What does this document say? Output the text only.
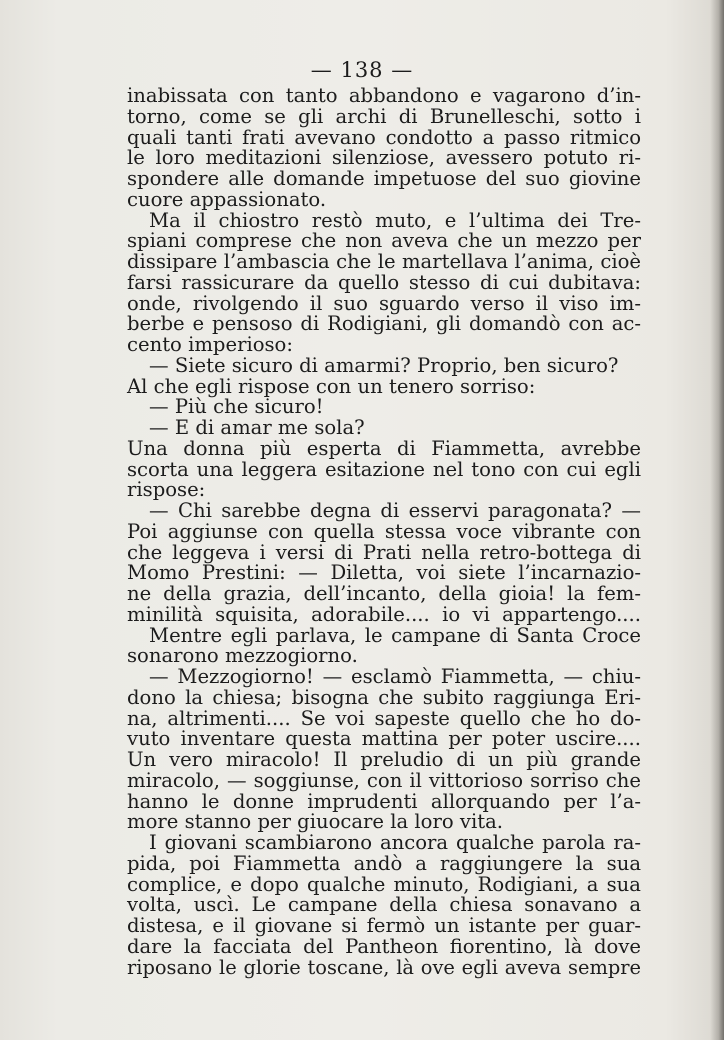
— 138 —
inabissata con tanto abbandono e vagarono d’in-
torno, come se gli archi di Brunelleschi, sotto i
quali tanti frati avevano condotto a passo ritmico
le loro meditazioni silenziose, avessero potuto ri-
spondere alle domande impetuose del suo giovine
cuore appassionato.
Ma il chiostro restò muto, e l’ultima dei Tre-
spiani comprese che non aveva che un mezzo per
dissipare l’ambascia che le martellava l’anima, cioè
farsi rassicurare da quello stesso di cui dubitava:
onde, rivolgendo il suo sguardo verso il viso im-
berbe e pensoso di Rodigiani, gli domandò con ac-
cento imperioso:
— Siete sicuro di amarmi? Proprio, ben sicuro?
Al che egli rispose con un tenero sorriso:
— Più che sicuro!
— E di amar me sola?
Una donna più esperta di Fiammetta, avrebbe
scorta una leggera esitazione nel tono con cui egli
rispose:
— Chi sarebbe degna di esservi paragonata? —
Poi aggiunse con quella stessa voce vibrante con
che leggeva i versi di Prati nella retro-bottega di
Momo Prestini: — Diletta, voi siete l’incarnazio-
ne della grazia, dell’incanto, della gioia! la fem-
minilità squisita, adorabile.... io vi appartengo....
Mentre egli parlava, le campane di Santa Croce
sonarono mezzogiorno.
— Mezzogiorno! — esclamò Fiammetta, — chiu-
dono la chiesa; bisogna che subito raggiunga Eri-
na, altrimenti.... Se voi sapeste quello che ho do-
vuto inventare questa mattina per poter uscire....
Un vero miracolo! Il preludio di un più grande
miracolo, — soggiunse, con il vittorioso sorriso che
hanno le donne imprudenti allorquando per l’a-
more stanno per giuocare la loro vita.
I giovani scambiarono ancora qualche parola ra-
pida, poi Fiammetta andò a raggiungere la sua
complice, e dopo qualche minuto, Rodigiani, a sua
volta, uscì. Le campane della chiesa sonavano a
distesa, e il giovane si fermò un istante per guar-
dare la facciata del Pantheon fiorentino, là dove
riposano le glorie toscane, là ove egli aveva sempre
